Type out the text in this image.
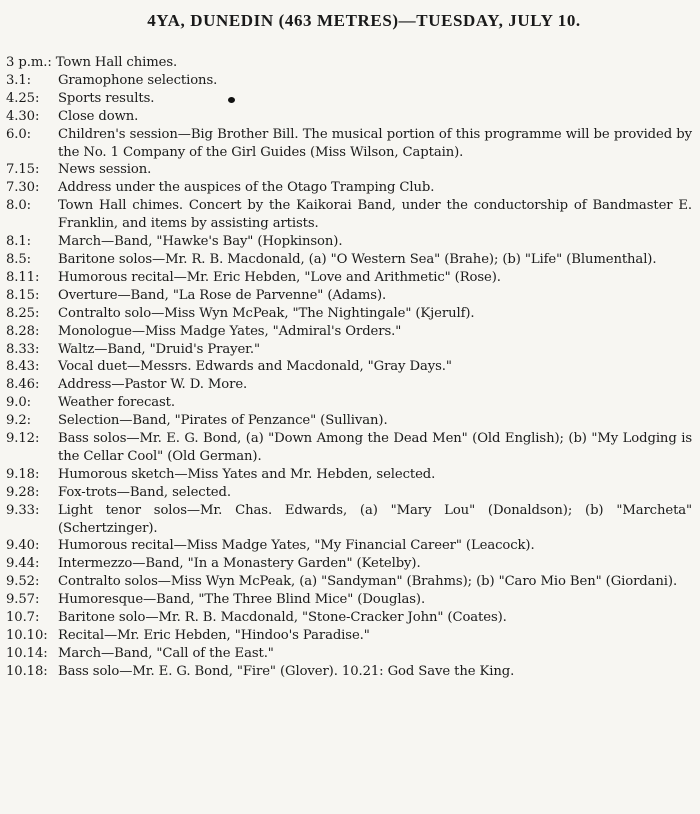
4YA, DUNEDIN (463 METRES)—TUESDAY, JULY 10.
3 p.m.: Town Hall chimes.
3.1:	Gramophone selections.
4.25:	Sports results.
4.30:	Close down.
6.0:	Children's session—Big Brother Bill. The musical portion of this programme will be provided by the No. 1 Company of the Girl Guides (Miss Wilson, Captain).
7.15:	News session.
7.30:	Address under the auspices of the Otago Tramping Club.
8.0:	Town Hall chimes. Concert by the Kaikorai Band, under the conductorship of Bandmaster E. Franklin, and items by assisting artists.
8.1:	March—Band, "Hawke's Bay" (Hopkinson).
8.5:	Baritone solos—Mr. R. B. Macdonald, (a) "O Western Sea" (Brahe); (b) "Life" (Blumenthal).
8.11:	Humorous recital—Mr. Eric Hebden, "Love and Arithmetic" (Rose).
8.15:	Overture—Band, "La Rose de Parvenne" (Adams).
8.25:	Contralto solo—Miss Wyn McPeak, "The Nightingale" (Kjerulf).
8.28:	Monologue—Miss Madge Yates, "Admiral's Orders."
8.33:	Waltz—Band, "Druid's Prayer."
8.43:	Vocal duet—Messrs. Edwards and Macdonald, "Gray Days."
8.46:	Address—Pastor W. D. More.
9.0:	Weather forecast.
9.2:	Selection—Band, "Pirates of Penzance" (Sullivan).
9.12:	Bass solos—Mr. E. G. Bond, (a) "Down Among the Dead Men" (Old English); (b) "My Lodging is the Cellar Cool" (Old German).
9.18:	Humorous sketch—Miss Yates and Mr. Hebden, selected.
9.28:	Fox-trots—Band, selected.
9.33:	Light tenor solos—Mr. Chas. Edwards, (a) "Mary Lou" (Donaldson); (b) "Marcheta" (Schertzinger).
9.40:	Humorous recital—Miss Madge Yates, "My Financial Career" (Leacock).
9.44:	Intermezzo—Band, "In a Monastery Garden" (Ketelby).
9.52:	Contralto solos—Miss Wyn McPeak, (a) "Sandyman" (Brahms); (b) "Caro Mio Ben" (Giordani).
9.57:	Humoresque—Band, "The Three Blind Mice" (Douglas).
10.7:	Baritone solo—Mr. R. B. Macdonald, "Stone-Cracker John" (Coates).
10.10: Recital—Mr. Eric Hebden, "Hindoo's Paradise."
10.14: March—Band, "Call of the East."
10.18: Bass solo—Mr. E. G. Bond, "Fire" (Glover). 10.21: God Save the King.
